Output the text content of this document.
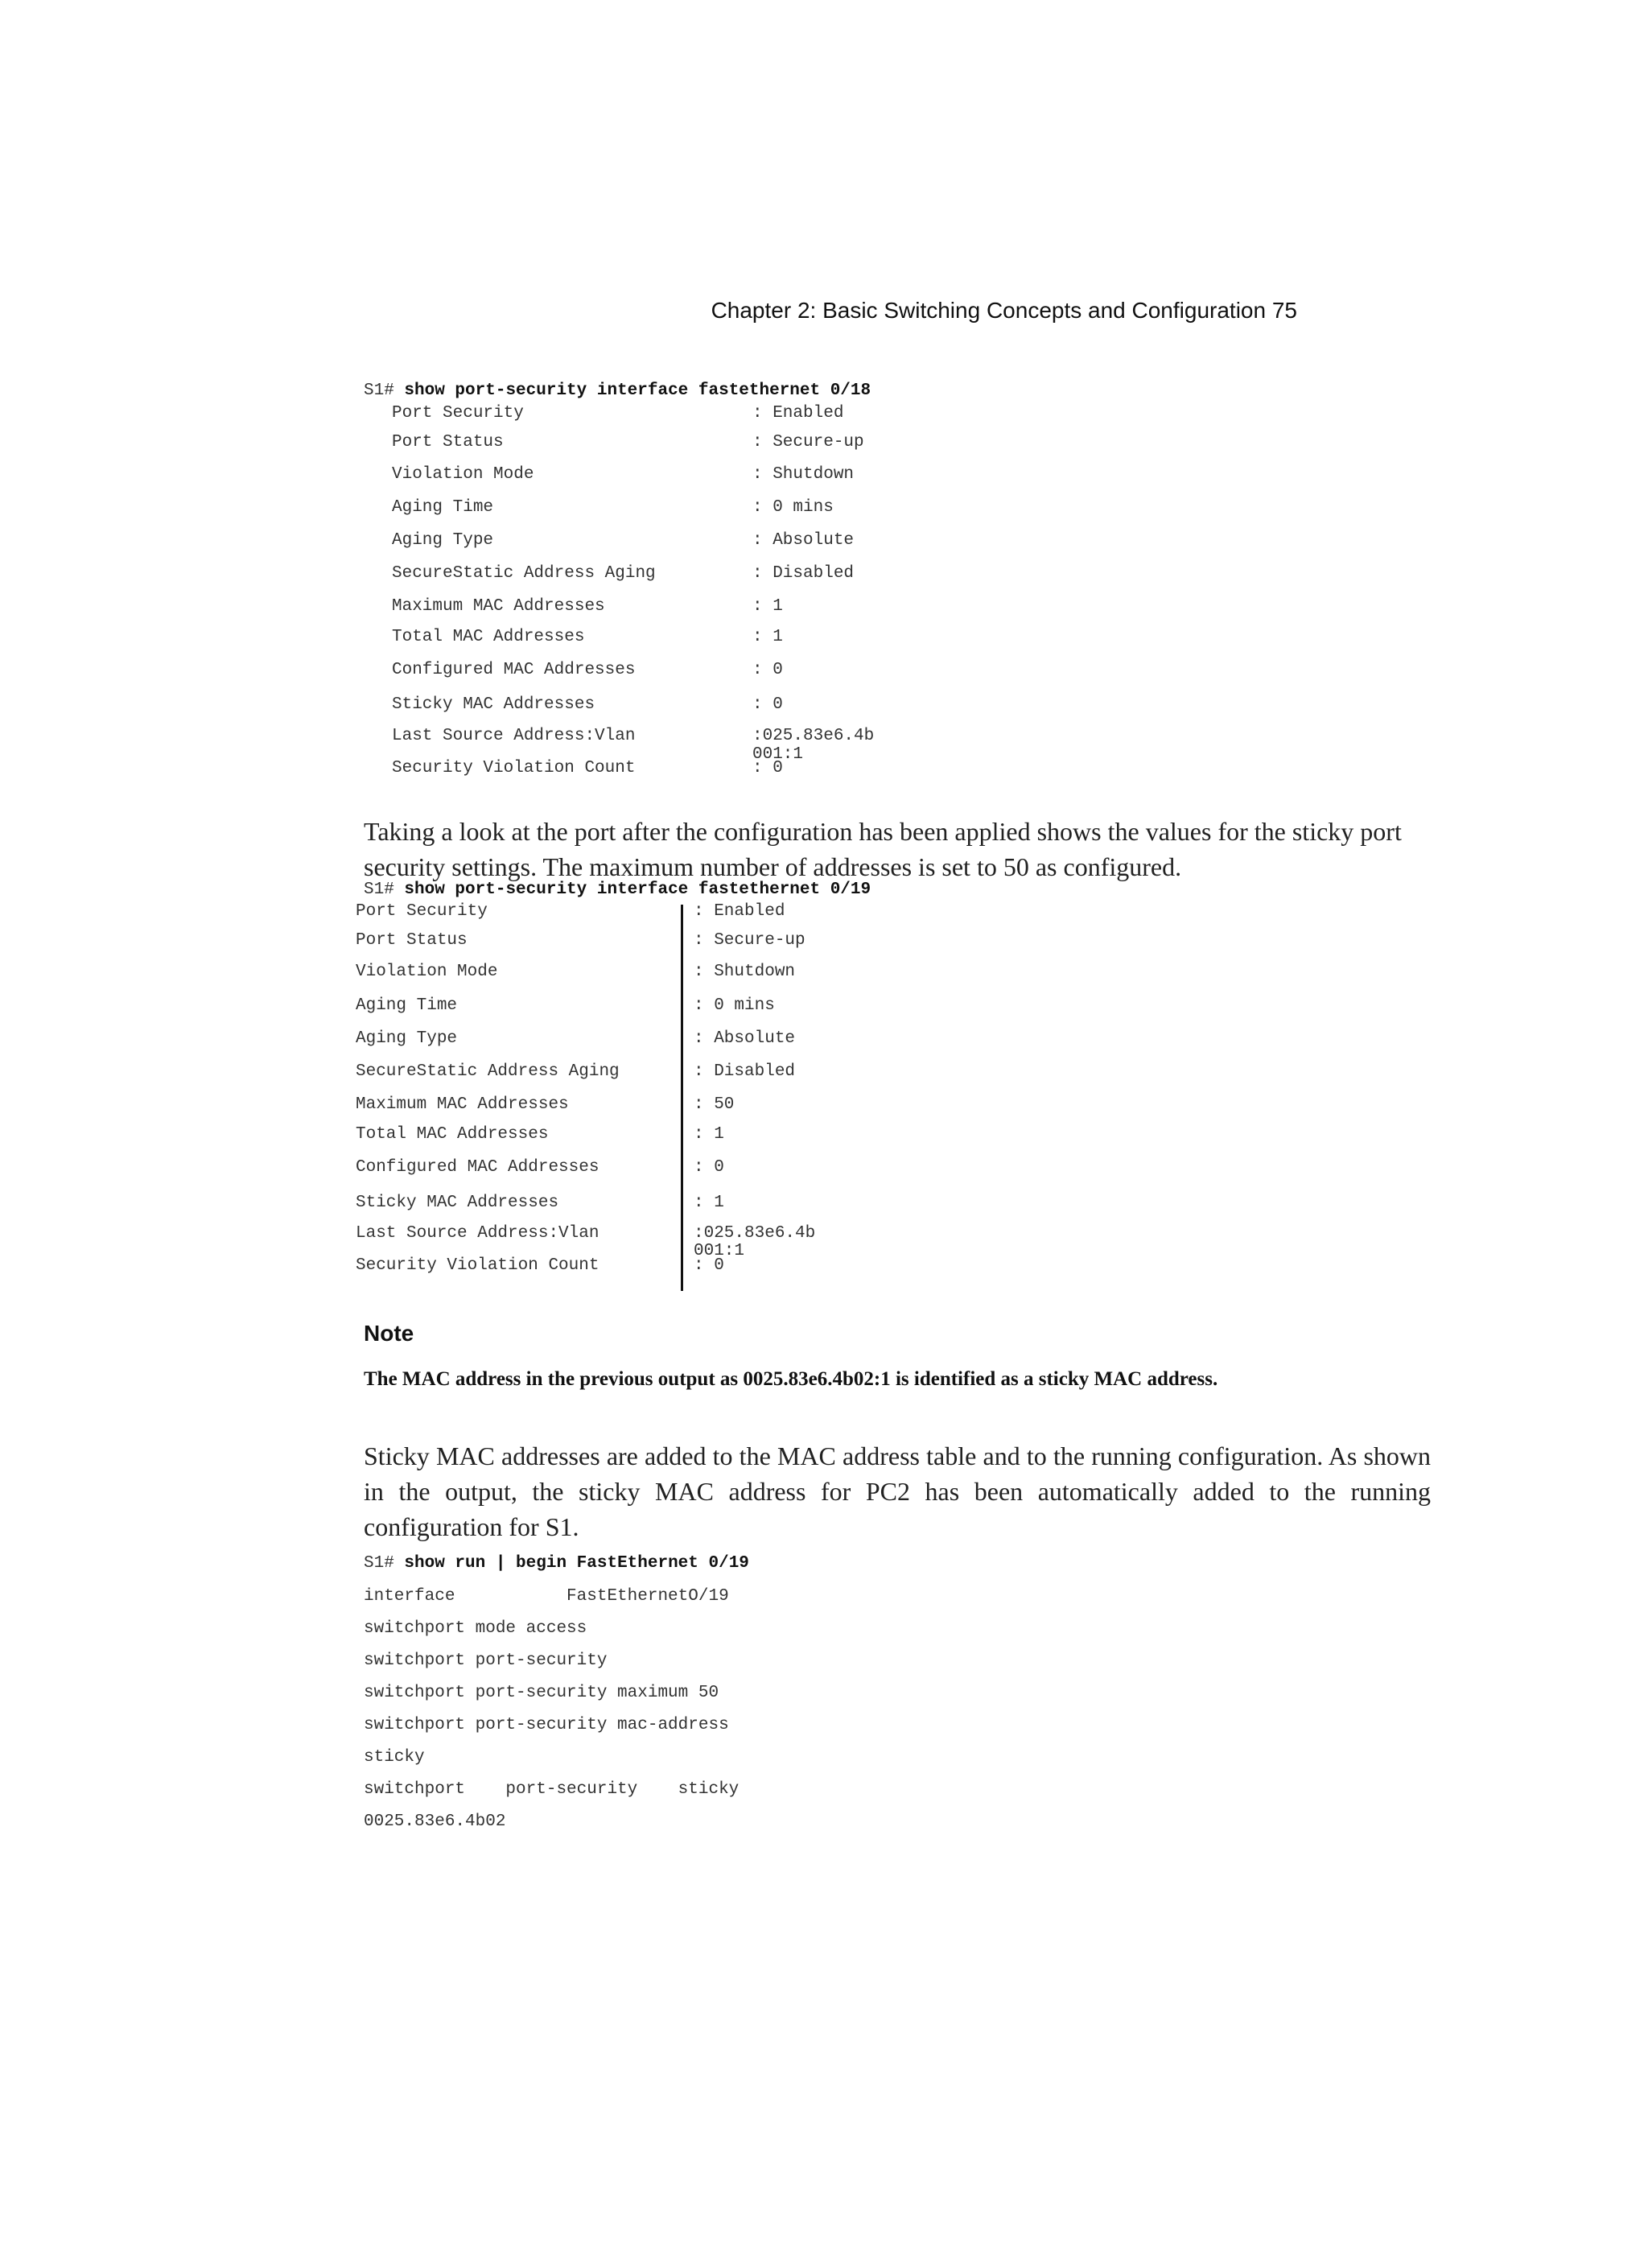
Chapter 2: Basic Switching Concepts and Configuration 75
S1# show port-security interface fastethernet 0/18
Port Security	: Enabled
Port Status	: Secure-up
Violation Mode	: Shutdown
Aging Time	: 0 mins
Aging Type	: Absolute
SecureStatic Address Aging	: Disabled
Maximum MAC Addresses	: 1
Total MAC Addresses	: 1
Configured MAC Addresses	: 0
Sticky MAC Addresses	: 0
Last Source Address:Vlan	:025.83e6.4b
001:1
Security Violation Count	: 0
Taking a look at the port after the configuration has been applied shows the values for the sticky port security settings. The maximum number of addresses is set to 50 as configured.
S1# show port-security interface fastethernet 0/19
Port Security	: Enabled
Port Status	: Secure-up
Violation Mode	: Shutdown
Aging Time	: 0 mins
Aging Type	: Absolute
SecureStatic Address Aging	: Disabled
Maximum MAC Addresses	: 50
Total MAC Addresses	: 1
Configured MAC Addresses	: 0
Sticky MAC Addresses	: 1
Last Source Address:Vlan	:025.83e6.4b
001:1
Security Violation Count	: 0
Note
The MAC address in the previous output as 0025.83e6.4b02:1 is identified as a sticky MAC address.
Sticky MAC addresses are added to the MAC address table and to the running configuration. As shown in the output, the sticky MAC address for PC2 has been automatically added to the running configuration for S1.
S1# show run | begin FastEthernet 0/19
interface           FastEthernetO/19
switchport mode access
switchport port-security
switchport port-security maximum 50
switchport port-security mac-address
sticky
switchport    port-security    sticky
0025.83e6.4b02
